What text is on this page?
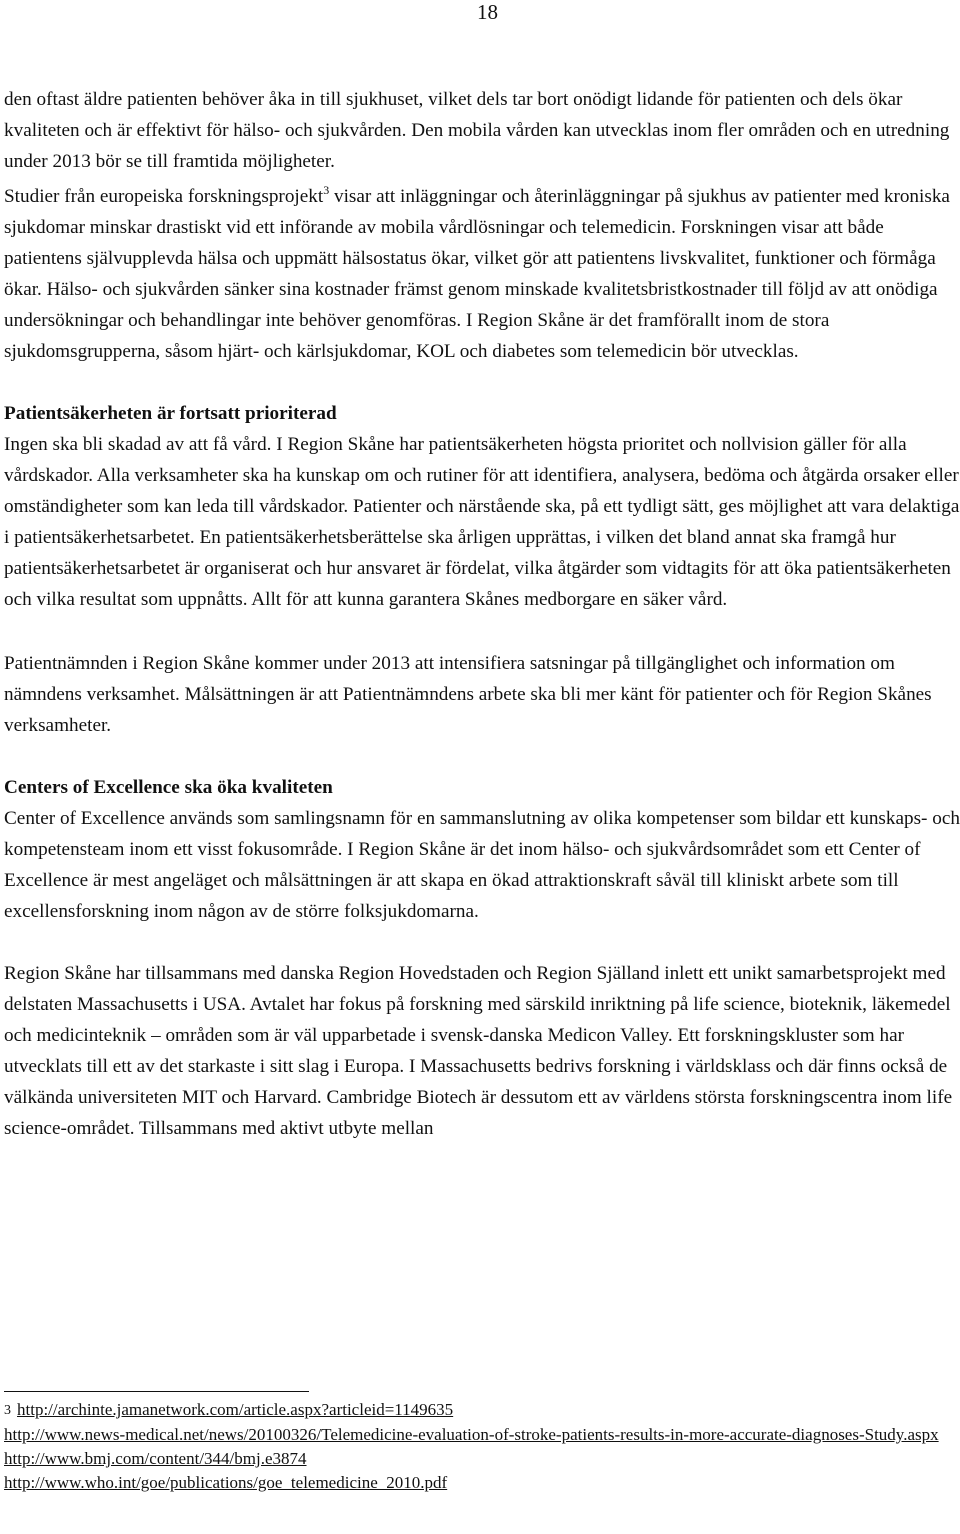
18

den oftast äldre patienten behöver åka in till sjukhuset, vilket dels tar bort onödigt lidande för patienten och dels ökar kvaliteten och är effektivt för hälso- och sjukvården. Den mobila vården kan utvecklas inom fler områden och en utredning under 2013 bör se till framtida möjligheter.

Studier från europeiska forskningsprojekt$^3$ visar att inläggningar och återinläggningar på sjukhus av patienter med kroniska sjukdomar minskar drastiskt vid ett införande av mobila vårdlösningar och telemedicin. Forskningen visar att både patientens självupplevda hälsa och uppmätt hälsostatus ökar, vilket gör att patientens livskvalitet, funktioner och förmåga ökar. Hälso- och sjukvården sänker sina kostnader främst genom minskade kvalitetsbristkostnader till följd av att onödiga undersökningar och behandlingar inte behöver genomföras. I Region Skåne är det framförallt inom de stora sjukdomsgrupperna, såsom hjärt- och kärlsjukdomar, KOL och diabetes som telemedicin bör utvecklas.

Patientsäkerheten är fortsatt prioriterad

Ingen ska bli skadad av att få vård. I Region Skåne har patientsäkerheten högsta prioritet och nollvision gäller för alla vårdskador. Alla verksamheter ska ha kunskap om och rutiner för att identifiera, analysera, bedöma och åtgärda orsaker eller omständigheter som kan leda till vårdskador. Patienter och närstående ska, på ett tydligt sätt, ges möjlighet att vara delaktiga i patientsäkerhetsarbetet. En patientsäkerhetsberättelse ska årligen upprättas, i vilken det bland annat ska framgå hur patientsäkerhetsarbetet är organiserat och hur ansvaret är fördelat, vilka åtgärder som vidtagits för att öka patientsäkerheten och vilka resultat som uppnåtts. Allt för att kunna garantera Skånes medborgare en säker vård.

Patientnämnden i Region Skåne kommer under 2013 att intensifiera satsningar på tillgänglighet och information om nämndens verksamhet. Målsättningen är att Patientnämndens arbete ska bli mer känt för patienter och för Region Skånes verksamheter.

Centers of Excellence ska öka kvaliteten

Center of Excellence används som samlingsnamn för en sammanslutning av olika kompetenser som bildar ett kunskaps- och kompetensteam inom ett visst fokusområde. I Region Skåne är det inom hälso- och sjukvårdsområdet som ett Center of Excellence är mest angeläget och målsättningen är att skapa en ökad attraktionskraft såväl till kliniskt arbete som till excellensforskning inom någon av de större folksjukdomarna.

Region Skåne har tillsammans med danska Region Hovedstaden och Region Själland inlett ett unikt samarbetsprojekt med delstaten Massachusetts i USA. Avtalet har fokus på forskning med särskild inriktning på life science, bioteknik, läkemedel och medicinteknik – områden som är väl upparbetade i svensk-danska Medicon Valley. Ett forskningskluster som har utvecklats till ett av det starkaste i sitt slag i Europa. I Massachusetts bedrivs forskning i världsklass och där finns också de välkända universiteten MIT och Harvard. Cambridge Biotech är dessutom ett av världens största forskningscentra inom life science-området. Tillsammans med aktivt utbyte mellan

3 http://archinte.jamanetwork.com/article.aspx?articleid=1149635
http://www.news-medical.net/news/20100326/Telemedicine-evaluation-of-stroke-patients-results-in-more-accurate-diagnoses-Study.aspx
http://www.bmj.com/content/344/bmj.e3874
http://www.who.int/goe/publications/goe_telemedicine_2010.pdf
